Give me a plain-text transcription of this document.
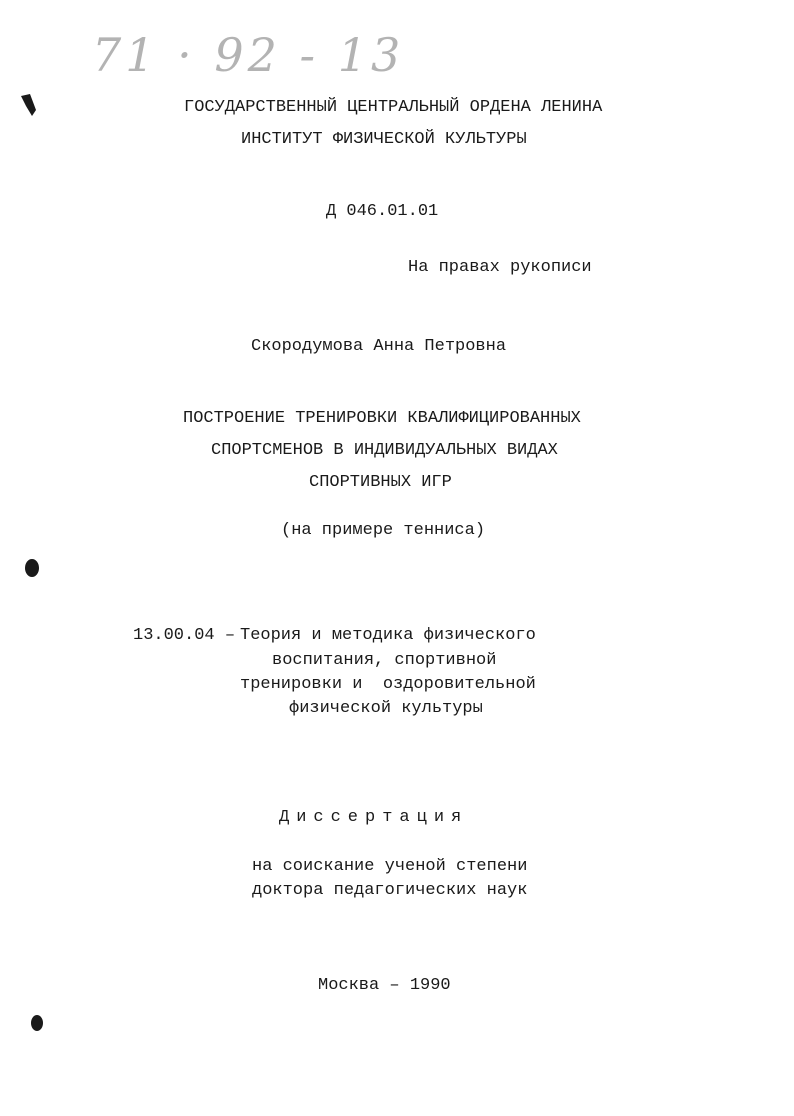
71 · 92 - 13
ГОСУДАРСТВЕННЫЙ ЦЕНТРАЛЬНЫЙ ОРДЕНА ЛЕНИНА
ИНСТИТУТ ФИЗИЧЕСКОЙ КУЛЬТУРЫ
Д 046.01.01
На правах рукописи
Скородумова Анна Петровна
ПОСТРОЕНИЕ ТРЕНИРОВКИ КВАЛИФИЦИРОВАННЫХ
СПОРТСМЕНОВ В ИНДИВИДУАЛЬНЫХ ВИДАХ
СПОРТИВНЫХ ИГР
(на примере тенниса)
13.00.04 – Теория и методика физического
воспитания, спортивной
тренировки и  оздоровительной
физической культуры
Диссертация
на соискание ученой степени
доктора педагогических наук
Москва – 1990
